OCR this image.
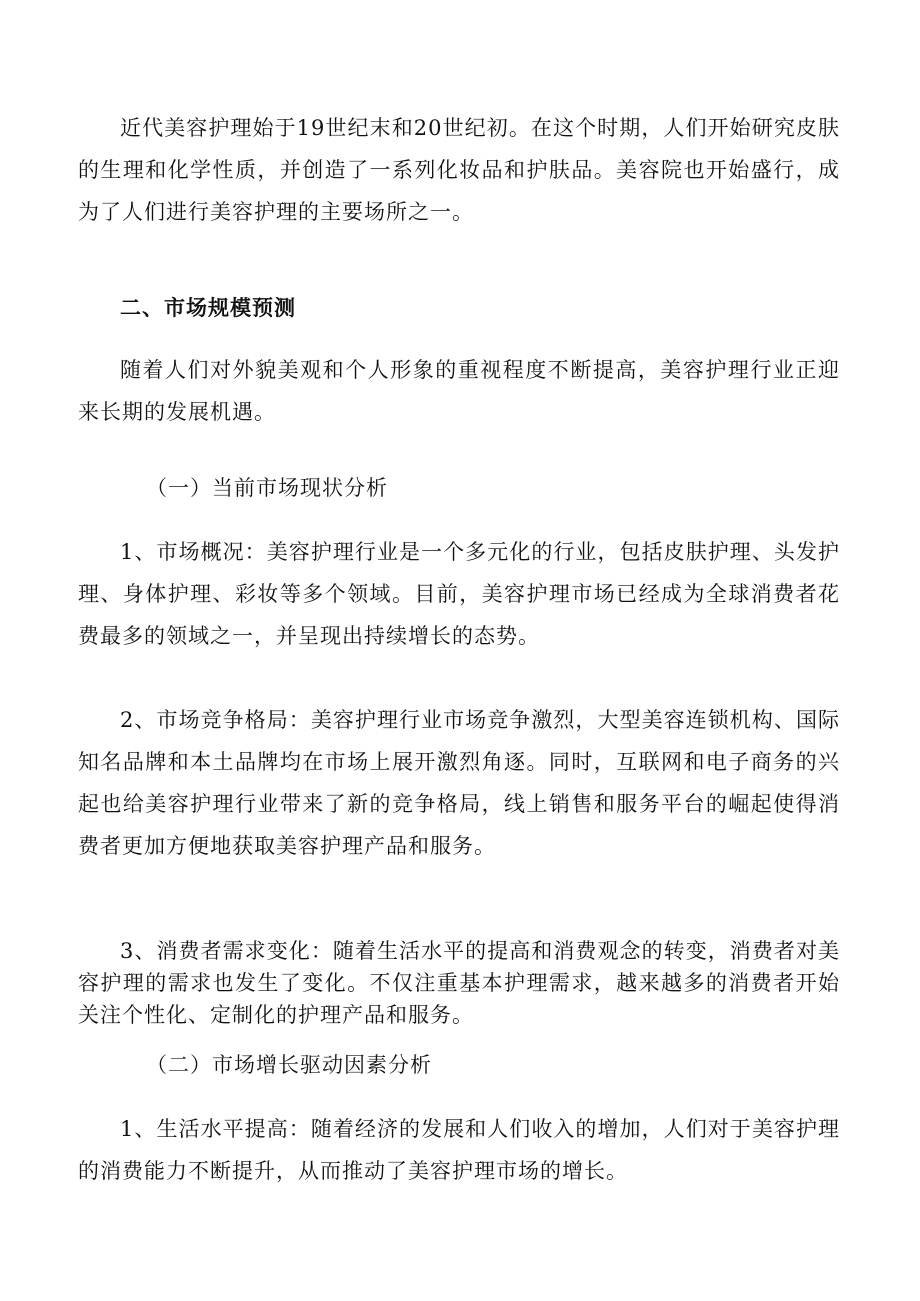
近代美容护理始于19世纪末和20世纪初。在这个时期，人们开始研究皮肤的生理和化学性质，并创造了一系列化妆品和护肤品。美容院也开始盛行，成为了人们进行美容护理的主要场所之一。

二、市场规模预测

随着人们对外貌美观和个人形象的重视程度不断提高，美容护理行业正迎来长期的发展机遇。

（一）当前市场现状分析

1、市场概况：美容护理行业是一个多元化的行业，包括皮肤护理、头发护理、身体护理、彩妆等多个领域。目前，美容护理市场已经成为全球消费者花费最多的领域之一，并呈现出持续增长的态势。

2、市场竞争格局：美容护理行业市场竞争激烈，大型美容连锁机构、国际知名品牌和本土品牌均在市场上展开激烈角逐。同时，互联网和电子商务的兴起也给美容护理行业带来了新的竞争格局，线上销售和服务平台的崛起使得消费者更加方便地获取美容护理产品和服务。

3、消费者需求变化：随着生活水平的提高和消费观念的转变，消费者对美容护理的需求也发生了变化。不仅注重基本护理需求，越来越多的消费者开始关注个性化、定制化的护理产品和服务。

（二）市场增长驱动因素分析

1、生活水平提高：随着经济的发展和人们收入的增加，人们对于美容护理的消费能力不断提升，从而推动了美容护理市场的增长。
